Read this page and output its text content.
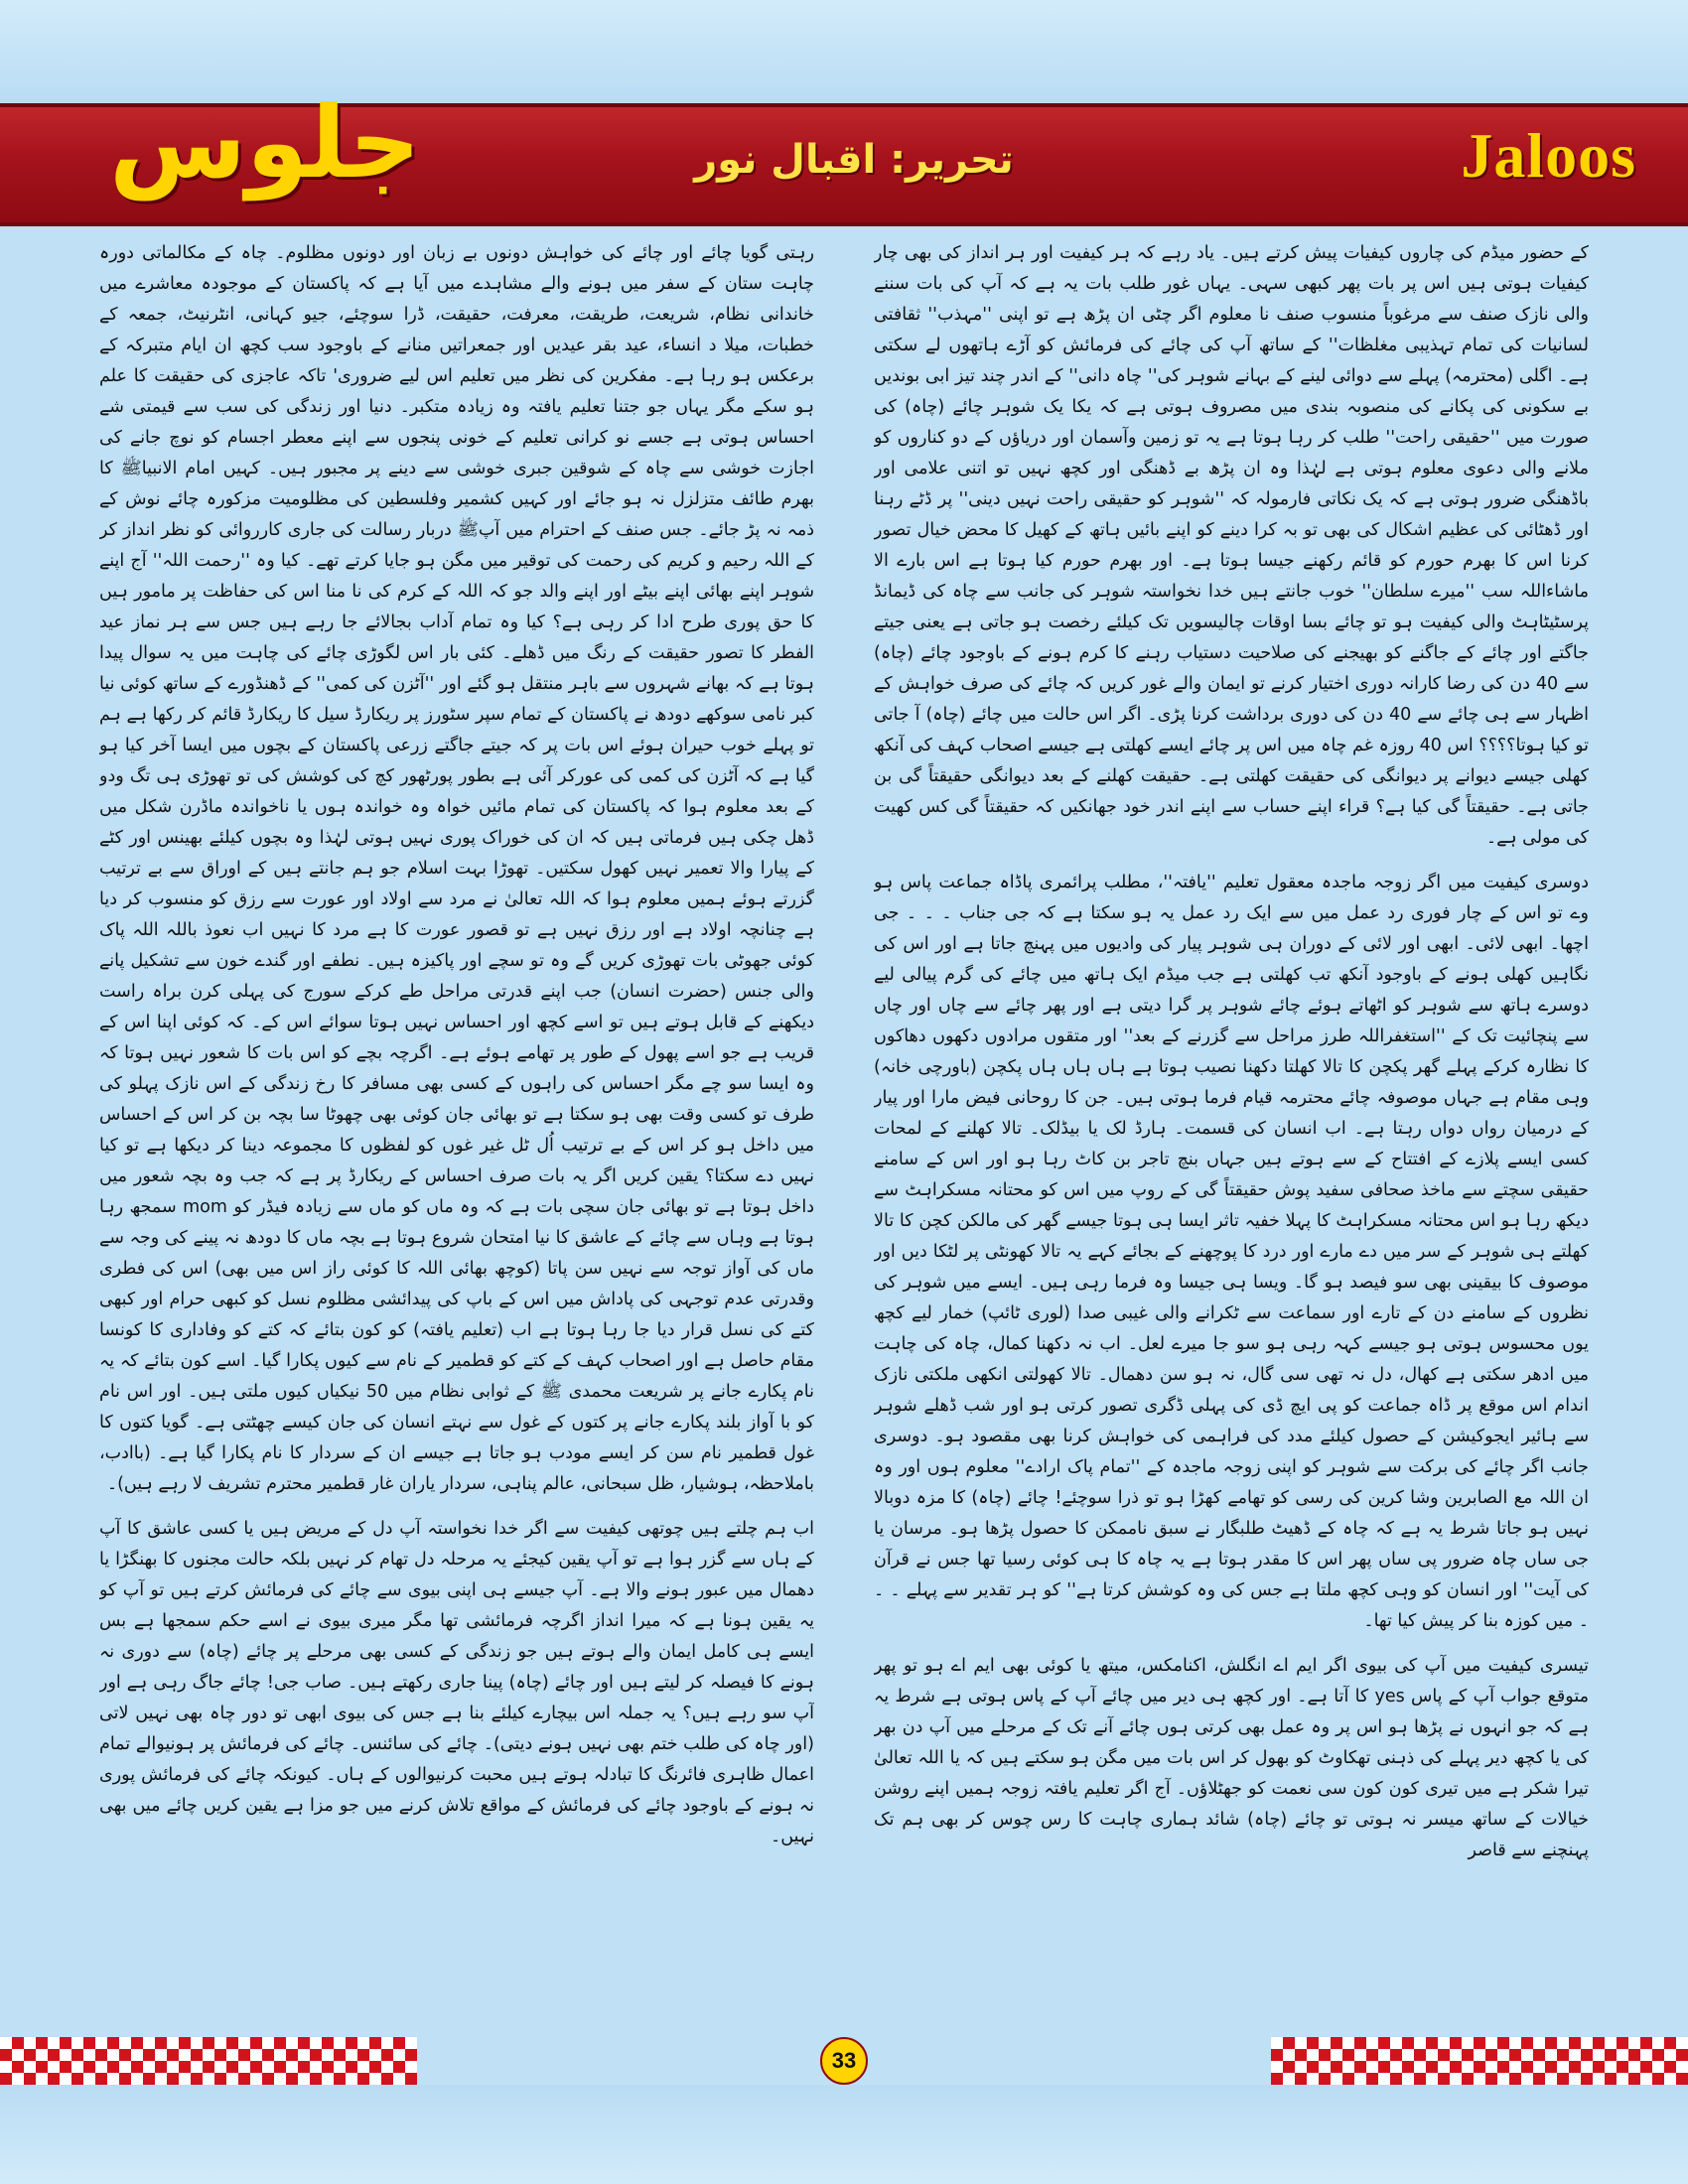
جلوس	تحریر: اقبال نور	Jaloos

کے حضور میڈم کی چاروں کیفیات پیش کرتے ہیں۔ یاد رہے کہ ہر کیفیت اور ہر انداز کی بھی چار کیفیات ہوتی ہیں اس پر بات پھر کبھی سہی۔ یہاں غور طلب بات یہ ہے کہ آپ کی بات سننے والی نازک صنف سے مرغوباً منسوب صنف نا معلوم اگر چٹی ان پڑھ ہے تو اپنی ''مہذب'' ثقافتی لسانیات کی تمام تہذیبی مغلظات'' کے ساتھ آپ کی چائے کی فرمائش کو آڑے ہاتھوں لے سکتی ہے۔ اگلی (محترمہ) پہلے سے دوائی لینے کے بہانے شوہر کی'' چاہ دانی'' کے اندر چند تیز ابی بوندیں بے سکونی کی پکانے کی منصوبہ بندی میں مصروف ہوتی ہے کہ یکا یک شوہر چائے (چاہ) کی صورت میں ''حقیقی راحت'' طلب کر رہا ہوتا ہے یہ تو زمین وآسمان اور دریاؤں کے دو کناروں کو ملانے والی دعوی معلوم ہوتی ہے لہٰذا وہ ان پڑھ بے ڈھنگی اور کچھ نہیں تو اتنی علامی اور باڈھنگی ضرور ہوتی ہے کہ یک نکاتی فارمولہ کہ ''شوہر کو حقیقی راحت نہیں دینی'' پر ڈٹے رہنا اور ڈھٹائی کی عظیم اشکال کی بھی تو بہ کرا دینے کو اپنے بائیں ہاتھ کے کھیل کا محض خیال تصور کرنا اس کا بھرم حورم کو قائم رکھنے جیسا ہوتا ہے۔ اور بھرم حورم کیا ہوتا ہے اس بارے الا ماشاءاللہ سب ''میرے سلطان'' خوب جانتے ہیں خدا نخواستہ شوہر کی جانب سے چاہ کی ڈیمانڈ پرسٹیٹاہٹ والی کیفیت ہو تو چائے بسا اوقات چالیسویں تک کیلئے رخصت ہو جاتی ہے یعنی جیتے جاگتے اور چائے کے جاگنے کو بھیجنے کی صلاحیت دستیاب رہنے کا کرم ہونے کے باوجود چائے (چاہ) سے 40 دن کی رضا کارانہ دوری اختیار کرنے تو ایمان والے غور کریں کہ چائے کی صرف خواہش کے اظہار سے ہی چائے سے 40 دن کی دوری برداشت کرنا پڑی۔ اگر اس حالت میں چائے (چاہ) آ جاتی تو کیا ہوتا؟؟؟؟ اس 40 روزہ غم چاہ میں اس پر چائے ایسے کھلتی ہے جیسے اصحاب کہف کی آنکھ کھلی جیسے دیوانے پر دیوانگی کی حقیقت کھلتی ہے۔ حقیقت کھلنے کے بعد دیوانگی حقیقتاً گی بن جاتی ہے۔ حقیقتاً گی کیا ہے؟ قراء اپنے حساب سے اپنے اندر خود جھانکیں کہ حقیقتاً گی کس کھیت کی مولی ہے۔

دوسری کیفیت میں اگر زوجہ ماجدہ معقول تعلیم ''یافتہ''، مطلب پرائمری پاڈاہ جماعت پاس ہو وے تو اس کے چار فوری رد عمل میں سے ایک رد عمل یہ ہو سکتا ہے کہ جی جناب ۔ ۔ ۔ جی اچھا۔ ابھی لائی۔ ابھی اور لائی کے دوران ہی شوہر پیار کی وادیوں میں پہنچ جاتا ہے اور اس کی نگاہیں کھلی ہونے کے باوجود آنکھ تب کھلتی ہے جب میڈم ایک ہاتھ میں چائے کی گرم پیالی لیے دوسرے ہاتھ سے شوہر کو اٹھاتے ہوئے چائے شوہر پر گرا دیتی ہے اور پھر چائے سے چاں اور چاں سے پنچائیت تک کے ''استغفراللہ طرز مراحل سے گزرنے کے بعد'' اور متقوں مرادوں دکھوں دھاکوں کا نظارہ کرکے پہلے گھر پکچن کا تالا کھلتا دکھنا نصیب ہوتا ہے ہاں ہاں ہاں پکچن (باورچی خانہ) وہی مقام ہے جہاں موصوفہ چائے محترمہ قیام فرما ہوتی ہیں۔ جن کا روحانی فیض مارا اور پیار کے درمیان رواں دواں رہتا ہے۔ اب انسان کی قسمت۔ ہارڈ لک یا بیڈلک۔ تالا کھلنے کے لمحات کسی ایسے پلازے کے افتتاح کے سے ہوتے ہیں جہاں بنچ تاجر بن کاٹ رہا ہو اور اس کے سامنے حقیقی سچتے سے ماخذ صحافی سفید پوش حقیقتاً گی کے روپ میں اس کو محتانہ مسکراہٹ سے دیکھ رہا ہو اس محتانہ مسکراہٹ کا پہلا خفیہ تاثر ایسا ہی ہوتا جیسے گھر کی مالکن کچن کا تالا کھلتے ہی شوہر کے سر میں دے مارے اور درد کا پوچھنے کے بجائے کہے یہ تالا کھونٹی پر لٹکا دیں اور موصوف کا بیقینی بھی سو فیصد ہو گا۔ ویسا ہی جیسا وہ فرما رہی ہیں۔ ایسے میں شوہر کی نظروں کے سامنے دن کے تارے اور سماعت سے ٹکرانے والی غیبی صدا (لوری ٹائپ) خمار لیے کچھ یوں محسوس ہوتی ہو جیسے کہہ رہی ہو سو جا میرے لعل۔ اب نہ دکھنا کمال، چاہ کی چاہت میں ادھر سکتی ہے کھال، دل نہ تھی سی گال، نہ ہو سن دھمال۔ تالا کھولتی انکھی ملکتی نازک اندام اس موقع پر ڈاہ جماعت کو پی ایچ ڈی کی پہلی ڈگری تصور کرتی ہو اور شب ڈھلے شوہر سے ہائیر ایجوکیشن کے حصول کیلئے مدد کی فراہمی کی خواہش کرنا بھی مقصود ہو۔ دوسری جانب اگر چائے کی برکت سے شوہر کو اپنی زوجہ ماجدہ کے ''تمام پاک ارادے'' معلوم ہوں اور وہ ان اللہ مع الصابرین وشا کرین کی رسی کو تھامے کھڑا ہو تو ذرا سوچئے! چائے (چاہ) کا مزہ دوبالا نہیں ہو جاتا شرط یہ ہے کہ چاہ کے ڈھیٹ طلبگار نے سبق ناممکن کا حصول پڑھا ہو۔ مرسان یا جی ساں چاہ ضرور پی ساں پھر اس کا مقدر ہوتا ہے یہ چاہ کا ہی کوئی رسیا تھا جس نے قرآن کی آیت'' اور انسان کو وہی کچھ ملتا ہے جس کی وہ کوشش کرتا ہے'' کو ہر تقدیر سے پہلے ۔ ۔ ۔ میں کوزہ بنا کر پیش کیا تھا۔

تیسری کیفیت میں آپ کی بیوی اگر ایم اے انگلش، اکنامکس، میتھ یا کوئی بھی ایم اے ہو تو پھر متوقع جواب آپ کے پاس yes کا آتا ہے۔ اور کچھ ہی دیر میں چائے آپ کے پاس ہوتی ہے شرط یہ ہے کہ جو انہوں نے پڑھا ہو اس پر وہ عمل بھی کرتی ہوں چائے آنے تک کے مرحلے میں آپ دن بھر کی یا کچھ دیر پہلے کی ذہنی تھکاوٹ کو بھول کر اس بات میں مگن ہو سکتے ہیں کہ یا اللہ تعالیٰ تیرا شکر ہے میں تیری کون کون سی نعمت کو جھٹلاؤں۔ آج اگر تعلیم یافتہ زوجہ ہمیں اپنے روشن خیالات کے ساتھ میسر نہ ہوتی تو چائے (چاہ) شائد ہماری چاہت کا رس چوس کر بھی ہم تک پہنچنے سے قاصر

رہتی گویا چائے اور چائے کی خواہش دونوں بے زبان اور دونوں مظلوم۔ چاہ کے مکالماتی دورہ چاہت ستان کے سفر میں ہونے والے مشاہدے میں آیا ہے کہ پاکستان کے موجودہ معاشرے میں خاندانی نظام، شریعت، طریقت، معرفت، حقیقت، ڈرا سوچئے، جیو کہانی، انٹرنیٹ، جمعہ کے خطبات، میلا د انساء، عید بقر عیدیں اور جمعراتیں منانے کے باوجود سب کچھ ان ایام متبرکہ کے برعکس ہو رہا ہے۔ مفکرین کی نظر میں تعلیم اس لیے ضروری' تاکہ عاجزی کی حقیقت کا علم ہو سکے مگر یہاں جو جتنا تعلیم یافتہ وہ زیادہ متکبر۔ دنیا اور زندگی کی سب سے قیمتی شے احساس ہوتی ہے جسے نو کرانی تعلیم کے خونی پنجوں سے اپنے معطر اجسام کو نوچ جانے کی اجازت خوشی سے چاہ کے شوقین جبری خوشی سے دینے پر مجبور ہیں۔ کہیں امام الانبیاﷺ کا بھرم طائف متزلزل نہ ہو جائے اور کہیں کشمیر وفلسطین کی مظلومیت مزکورہ چائے نوش کے ذمہ نہ پڑ جائے۔ جس صنف کے احترام میں آپﷺ دربار رسالت کی جاری کارروائی کو نظر انداز کر کے اللہ رحیم و کریم کی رحمت کی توقیر میں مگن ہو جایا کرتے تھے۔ کیا وہ ''رحمت اللہ'' آج اپنے شوہر اپنے بھائی اپنے بیٹے اور اپنے والد جو کہ اللہ کے کرم کی نا منا اس کی حفاظت پر مامور ہیں کا حق پوری طرح ادا کر رہی ہے؟ کیا وہ تمام آداب بجالائے جا رہے ہیں جس سے ہر نماز عید الفطر کا تصور حقیقت کے رنگ میں ڈھلے۔ کئی بار اس لگوڑی چائے کی چاہت میں یہ سوال پیدا ہوتا ہے کہ بھانے شہروں سے باہر منتقل ہو گئے اور ''آٹزن کی کمی'' کے ڈھنڈورے کے ساتھ کوئی نیا کبر نامی سوکھے دودھ نے پاکستان کے تمام سپر سٹورز پر ریکارڈ سیل کا ریکارڈ قائم کر رکھا ہے ہم تو پہلے خوب حیران ہوئے اس بات پر کہ جیتے جاگتے زرعی پاکستان کے بچوں میں ایسا آخر کیا ہو گیا ہے کہ آٹزن کی کمی کی عورکر آئی ہے بطور پورٹھور کچ کی کوشش کی تو تھوڑی ہی تگ ودو کے بعد معلوم ہوا کہ پاکستان کی تمام مائیں خواہ وہ خواندہ ہوں یا ناخواندہ ماڈرن شکل میں ڈھل چکی ہیں فرماتی ہیں کہ ان کی خوراک پوری نہیں ہوتی لہٰذا وہ بچوں کیلئے بھینس اور کٹے کے پیارا والا تعمیر نہیں کھول سکتیں۔ تھوڑا بہت اسلام جو ہم جانتے ہیں کے اوراق سے بے ترتیب گزرتے ہوئے ہمیں معلوم ہوا کہ اللہ تعالیٰ نے مرد سے اولاد اور عورت سے رزق کو منسوب کر دیا ہے چنانچہ اولاد ہے اور رزق نہیں ہے تو قصور عورت کا ہے مرد کا نہیں اب نعوذ باللہ اللہ پاک کوئی جھوٹی بات تھوڑی کریں گے وہ تو سچے اور پاکیزہ ہیں۔ نطفے اور گندے خون سے تشکیل پانے والی جنس (حضرت انسان) جب اپنے قدرتی مراحل طے کرکے سورج کی پہلی کرن براہ راست دیکھنے کے قابل ہوتے ہیں تو اسے کچھ اور احساس نہیں ہوتا سوائے اس کے۔ کہ کوئی اپنا اس کے قریب ہے جو اسے پھول کے طور پر تھامے ہوئے ہے۔ اگرچہ بچے کو اس بات کا شعور نہیں ہوتا کہ وہ ایسا سو چے مگر احساس کی راہوں کے کسی بھی مسافر کا رخ زندگی کے اس نازک پہلو کی طرف تو کسی وقت بھی ہو سکتا ہے تو بھائی جان کوئی بھی چھوٹا سا بچہ بن کر اس کے احساس میں داخل ہو کر اس کے بے ترتیب اُل ٹل غیر غوں کو لفظوں کا مجموعہ دینا کر دیکھا ہے تو کیا نہیں دے سکتا؟ یقین کریں اگر یہ بات صرف احساس کے ریکارڈ پر ہے کہ جب وہ بچہ شعور میں داخل ہوتا ہے تو بھائی جان سچی بات ہے کہ وہ ماں کو ماں سے زیادہ فیڈر کو mom سمجھ رہا ہوتا ہے وہاں سے چائے کے عاشق کا نیا امتحان شروع ہوتا ہے بچہ ماں کا دودھ نہ پینے کی وجہ سے ماں کی آواز توجہ سے نہیں سن پاتا (کوچھ بھائی اللہ کا کوئی راز اس میں بھی) اس کی فطری وقدرتی عدم توجہی کی پاداش میں اس کے باپ کی پیدائشی مظلوم نسل کو کبھی حرام اور کبھی کتے کی نسل قرار دیا جا رہا ہوتا ہے اب (تعلیم یافتہ) کو کون بتائے کہ کتے کو وفاداری کا کونسا مقام حاصل ہے اور اصحاب کہف کے کتے کو قطمیر کے نام سے کیوں پکارا گیا۔ اسے کون بتائے کہ یہ نام پکارے جانے پر شریعت محمدی ﷺ کے ثوابی نظام میں 50 نیکیاں کیوں ملتی ہیں۔ اور اس نام کو با آواز بلند پکارے جانے پر کتوں کے غول سے نہتے انسان کی جان کیسے چھٹتی ہے۔ گویا کتوں کا غول قطمیر نام سن کر ایسے مودب ہو جاتا ہے جیسے ان کے سردار کا نام پکارا گیا ہے۔ (باادب، باملاحظہ، ہوشیار، ظل سبحانی، عالم پناہی، سردار یاران غار قطمیر محترم تشریف لا رہے ہیں)۔

اب ہم چلتے ہیں چوتھی کیفیت سے اگر خدا نخواستہ آپ دل کے مریض ہیں یا کسی عاشق کا آپ کے ہاں سے گزر ہوا ہے تو آپ یقین کیجئے یہ مرحلہ دل تھام کر نہیں بلکہ حالت مجنوں کا بھنگڑا یا دھمال میں عبور ہونے والا ہے۔ آپ جیسے ہی اپنی بیوی سے چائے کی فرمائش کرتے ہیں تو آپ کو یہ یقین ہونا ہے کہ میرا انداز اگرچہ فرمائشی تھا مگر میری بیوی نے اسے حکم سمجھا ہے بس ایسے ہی کامل ایمان والے ہوتے ہیں جو زندگی کے کسی بھی مرحلے پر چائے (چاہ) سے دوری نہ ہونے کا فیصلہ کر لیتے ہیں اور چائے (چاہ) پینا جاری رکھتے ہیں۔ صاب جی! چائے جاگ رہی ہے اور آپ سو رہے ہیں؟ یہ جملہ اس بیچارے کیلئے بنا ہے جس کی بیوی ابھی تو دور چاہ بھی نہیں لاتی (اور چاہ کی طلب ختم بھی نہیں ہونے دیتی)۔ چائے کی سائنس۔ چائے کی فرمائش پر ہونیوالے تمام اعمال ظاہری فائرنگ کا تبادلہ ہوتے ہیں محبت کرنیوالوں کے ہاں۔ کیونکہ چائے کی فرمائش پوری نہ ہونے کے باوجود چائے کی فرمائش کے مواقع تلاش کرنے میں جو مزا ہے یقین کریں چائے میں بھی نہیں۔

33
